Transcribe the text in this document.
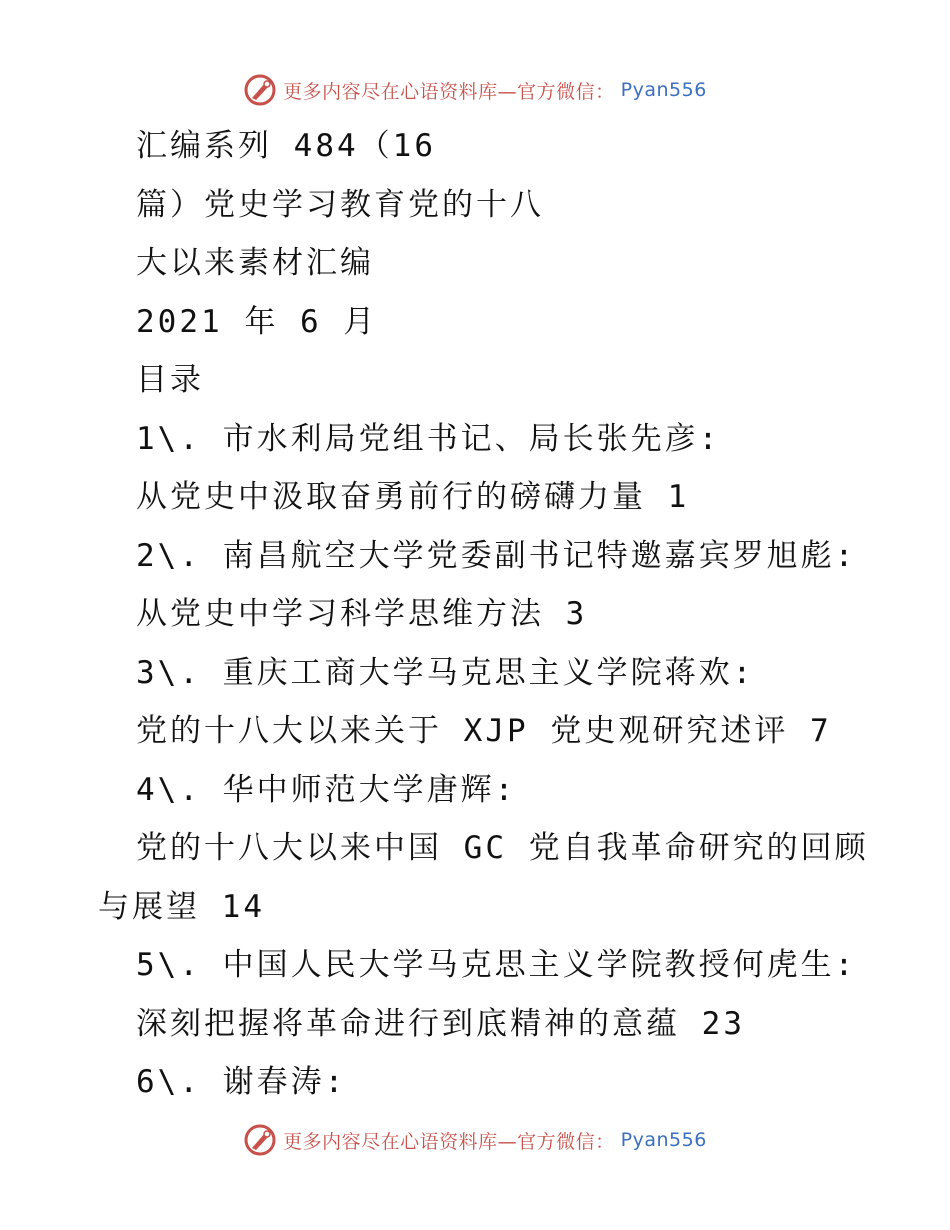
更多内容尽在心语资料库—官方微信： Pyan556
汇编系列 484（16
篇）党史学习教育党的十八
大以来素材汇编
2021 年 6 月
目录
1\. 市水利局党组书记、局长张先彦:
从党史中汲取奋勇前行的磅礴力量 1
2\. 南昌航空大学党委副书记特邀嘉宾罗旭彪:
从党史中学习科学思维方法 3
3\. 重庆工商大学马克思主义学院蒋欢:
党的十八大以来关于 XJP 党史观研究述评 7
4\. 华中师范大学唐辉:
党的十八大以来中国 GC 党自我革命研究的回顾
与展望 14
5\. 中国人民大学马克思主义学院教授何虎生:
深刻把握将革命进行到底精神的意蕴 23
6\. 谢春涛:
更多内容尽在心语资料库—官方微信： Pyan556
